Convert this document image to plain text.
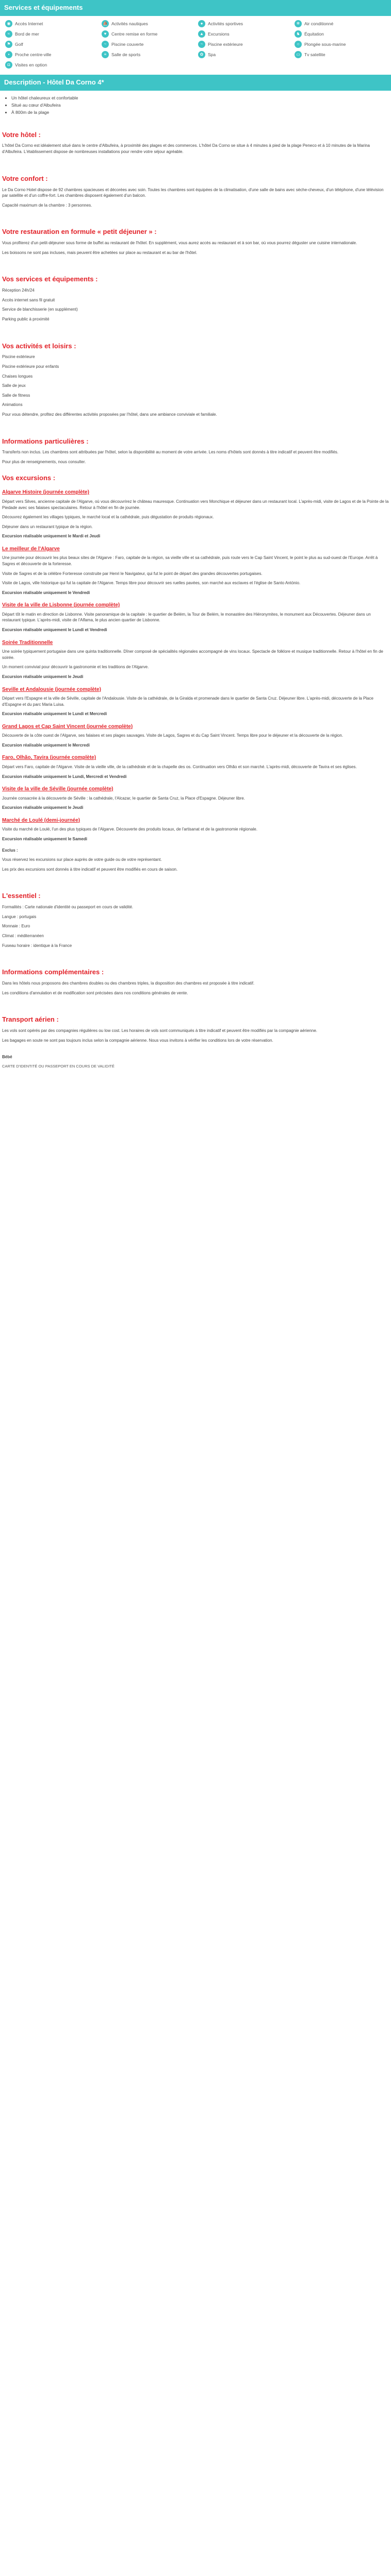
Services et équipements
◉	Accès Internet	⛵ Activités nautiques	●	Activités sportives	❄	Air conditionné
≈	Bord de mer	♥	Centre remise en forme	▲ Excursions	♞ Équitation
⚑ Golf	~	Piscine couverte	~	Piscine extérieure	○	Plongée sous-marine
▪	Proche centre-ville	≡	Salle de sports	✿	Spa	▭ Tv satellite
◘	Visites en option
Description - Hôtel Da Corno 4*
• Un hôtel chaleureux et confortable
• Situé au cœur d'Albufeira
• À 800m de la plage
Votre hôtel :
L'hôtel Da Corno est idéalement situé dans le centre d'Albufeira, à proximité des plages et des commerces. L'hôtel Da Corno se situe à 4 minutes à pied de la plage Peneco et à 10 minutes de la Marina d'Albufeira. L'établissement dispose de nombreuses installations pour rendre votre séjour agréable.
Votre confort :
Le Da Corno Hotel dispose de 92 chambres spacieuses et décorées avec soin. Toutes les chambres sont équipées de la climatisation, d'une salle de bains avec sèche-cheveux, d'un téléphone, d'une télévision par satellite et d'un coffre-fort. Les chambres disposent également d'un balcon.
Capacité maximum de la chambre : 3 personnes.
Votre restauration en formule « petit déjeuner » :
Vous profiterez d'un petit-déjeuner sous forme de buffet au restaurant de l'hôtel. En supplément, vous aurez accès au restaurant et à son bar, où vous pourrez déguster une cuisine internationale.
Les boissons ne sont pas incluses, mais peuvent être achetées sur place au restaurant et au bar de l'hôtel.
Vos services et équipements :
Réception 24h/24
Accès internet sans fil gratuit
Service de blanchisserie (en supplément)
Parking public à proximité
Vos activités et loisirs :
Piscine extérieure
Piscine extérieure pour enfants
Chaises longues
Salle de jeux
Salle de fitness
Animations
Pour vous détendre, profitez des différentes activités proposées par l'hôtel, dans une ambiance conviviale et familiale.
Informations particulières :
Transferts non inclus. Les chambres sont attribuées par l'hôtel, selon la disponibilité au moment de votre arrivée. Les noms d'hôtels sont donnés à titre indicatif et peuvent être modifiés.
Pour plus de renseignements, nous consulter.
Vos excursions :
Algarve Histoire (journée complète)
Départ vers Silves, ancienne capitale de l'Algarve, où vous découvrirez le château mauresque. Continuation vers Monchique et déjeuner dans un restaurant local. L'après-midi, visite de Lagos et de la Pointe de la Piedade avec ses falaises spectaculaires. Retour à l'hôtel en fin de journée.
Découvrez également les villages typiques, le marché local et la cathédrale, puis dégustation de produits régionaux.
Déjeuner dans un restaurant typique de la région.
Excursion réalisable uniquement le Mardi et Jeudi
Le meilleur de l'Algarve
Une journée pour découvrir les plus beaux sites de l'Algarve : Faro, capitale de la région, sa vieille ville et sa cathédrale, puis route vers le Cap Saint Vincent, le point le plus au sud-ouest de l'Europe. Arrêt à Sagres et découverte de la forteresse.
Visite de Sagres et de la célèbre Forteresse construite par Henri le Navigateur, qui fut le point de départ des grandes découvertes portugaises.
Visite de Lagos, ville historique qui fut la capitale de l'Algarve. Temps libre pour découvrir ses ruelles pavées, son marché aux esclaves et l'église de Santo António.
Excursion réalisable uniquement le Vendredi
Visite de la ville de Lisbonne (journée complète)
Départ tôt le matin en direction de Lisbonne. Visite panoramique de la capitale : le quartier de Belém, la Tour de Belém, le monastère des Hiéronymites, le monument aux Découvertes. Déjeuner dans un restaurant typique. L'après-midi, visite de l'Alfama, le plus ancien quartier de Lisbonne.
Excursion réalisable uniquement le Lundi et Vendredi
Soirée Traditionnelle
Une soirée typiquement portugaise dans une quinta traditionnelle. Dîner composé de spécialités régionales accompagné de vins locaux. Spectacle de folklore et musique traditionnelle. Retour à l'hôtel en fin de soirée.
Un moment convivial pour découvrir la gastronomie et les traditions de l'Algarve.
Excursion réalisable uniquement le Jeudi
Seville et Andalousie (journée complète)
Départ vers l'Espagne et la ville de Séville, capitale de l'Andalousie. Visite de la cathédrale, de la Giralda et promenade dans le quartier de Santa Cruz. Déjeuner libre. L'après-midi, découverte de la Place d'Espagne et du parc Maria Luisa.
Excursion réalisable uniquement le Lundi et Mercredi
Grand Lagos et Cap Saint Vincent (journée complète)
Découverte de la côte ouest de l'Algarve, ses falaises et ses plages sauvages. Visite de Lagos, Sagres et du Cap Saint Vincent. Temps libre pour le déjeuner et la découverte de la région.
Excursion réalisable uniquement le Mercredi
Faro, Olhão, Tavira (journée complète)
Départ vers Faro, capitale de l'Algarve. Visite de la vieille ville, de la cathédrale et de la chapelle des os. Continuation vers Olhão et son marché. L'après-midi, découverte de Tavira et ses églises.
Excursion réalisable uniquement le Lundi, Mercredi et Vendredi
Visite de la ville de Séville (journée complète)
Journée consacrée à la découverte de Séville : la cathédrale, l'Alcazar, le quartier de Santa Cruz, la Place d'Espagne. Déjeuner libre.
Excursion réalisable uniquement le Jeudi
Marché de Loulé (demi-journée)
Visite du marché de Loulé, l'un des plus typiques de l'Algarve. Découverte des produits locaux, de l'artisanat et de la gastronomie régionale.
Excursion réalisable uniquement le Samedi
Exclus :
Vous réservez les excursions sur place auprès de votre guide ou de votre représentant.
Les prix des excursions sont donnés à titre indicatif et peuvent être modifiés en cours de saison.
L'essentiel :
Formalités : Carte nationale d'identité ou passeport en cours de validité.
Langue : portugais
Monnaie : Euro
Climat : méditerranéen
Fuseau horaire : identique à la France
Informations complémentaires :
Dans les hôtels nous proposons des chambres doubles ou des chambres triples, la disposition des chambres est proposée à titre indicatif.
Les conditions d'annulation et de modification sont précisées dans nos conditions générales de vente.
Transport aérien :
Les vols sont opérés par des compagnies régulières ou low cost. Les horaires de vols sont communiqués à titre indicatif et peuvent être modifiés par la compagnie aérienne.
Les bagages en soute ne sont pas toujours inclus selon la compagnie aérienne. Nous vous invitons à vérifier les conditions lors de votre réservation.
Bébé
CARTE D'IDENTITÉ OU PASSEPORT EN COURS DE VALIDITÉ
